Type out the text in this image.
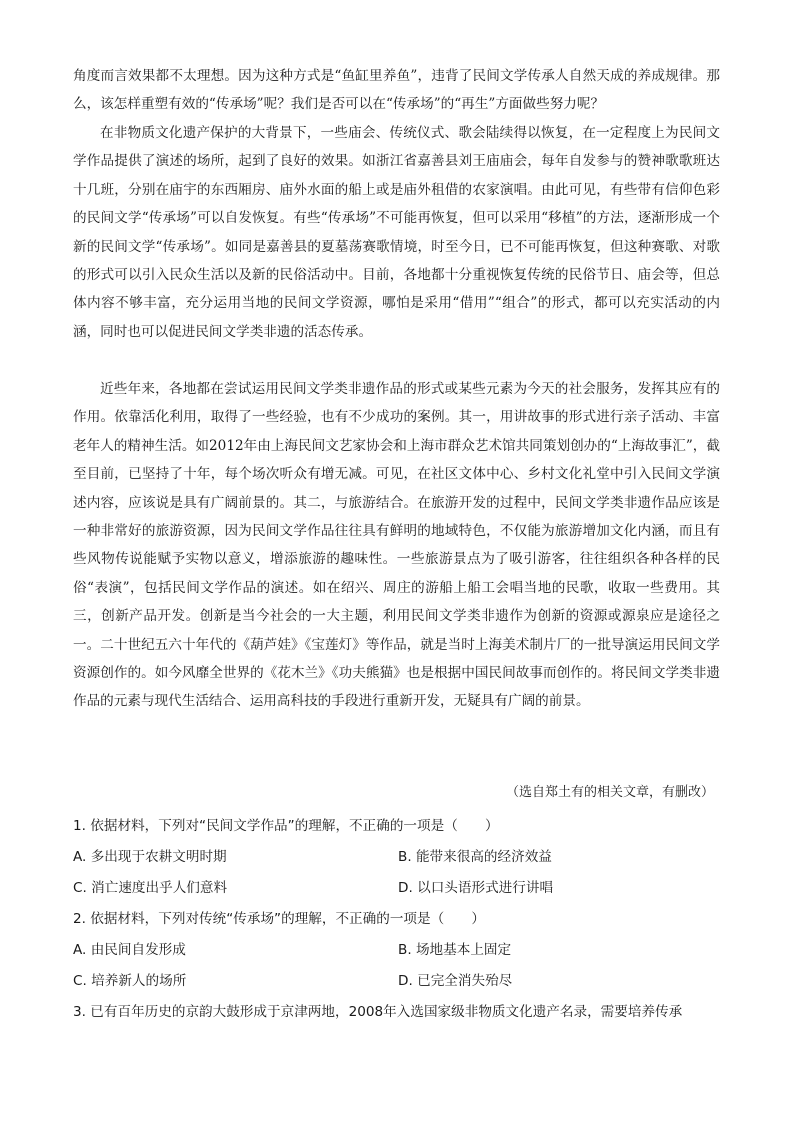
角度而言效果都不太理想。因为这种方式是“鱼缸里养鱼”，违背了民间文学传承人自然天成的养成规律。那么，该怎样重塑有效的“传承场”呢？我们是否可以在“传承场”的“再生”方面做些努力呢？

在非物质文化遗产保护的大背景下，一些庙会、传统仪式、歌会陆续得以恢复，在一定程度上为民间文学作品提供了演述的场所，起到了良好的效果。如浙江省嘉善县刘王庙庙会，每年自发参与的赞神歌歌班达十几班，分别在庙宇的东西厢房、庙外水面的船上或是庙外租借的农家演唱。由此可见，有些带有信仰色彩的民间文学“传承场”可以自发恢复。有些“传承场”不可能再恢复，但可以采用“移植”的方法，逐渐形成一个新的民间文学“传承场”。如同是嘉善县的夏墓荡赛歌情境，时至今日，已不可能再恢复，但这种赛歌、对歌的形式可以引入民众生活以及新的民俗活动中。目前，各地都十分重视恢复传统的民俗节日、庙会等，但总体内容不够丰富，充分运用当地的民间文学资源，哪怕是采用“借用”“组合”的形式，都可以充实活动的内涵，同时也可以促进民间文学类非遗的活态传承。

近些年来，各地都在尝试运用民间文学类非遗作品的形式或某些元素为今天的社会服务，发挥其应有的作用。依靠活化利用，取得了一些经验，也有不少成功的案例。其一，用讲故事的形式进行亲子活动、丰富老年人的精神生活。如2012年由上海民间文艺家协会和上海市群众艺术馆共同策划创办的“上海故事汇”，截至目前，已坚持了十年，每个场次听众有增无减。可见，在社区文体中心、乡村文化礼堂中引入民间文学演述内容，应该说是具有广阔前景的。其二，与旅游结合。在旅游开发的过程中，民间文学类非遗作品应该是一种非常好的旅游资源，因为民间文学作品往往具有鲜明的地域特色，不仅能为旅游增加文化内涵，而且有些风物传说能赋予实物以意义，增添旅游的趣味性。一些旅游景点为了吸引游客，往往组织各种各样的民俗“表演”，包括民间文学作品的演述。如在绍兴、周庄的游船上船工会唱当地的民歌，收取一些费用。其三，创新产品开发。创新是当今社会的一大主题，利用民间文学类非遗作为创新的资源或源泉应是途径之一。二十世纪五六十年代的《葫芦娃》《宝莲灯》等作品，就是当时上海美术制片厂的一批导演运用民间文学资源创作的。如今风靡全世界的《花木兰》《功夫熊猫》也是根据中国民间故事而创作的。将民间文学类非遗作品的元素与现代生活结合、运用高科技的手段进行重新开发，无疑具有广阔的前景。

（选自郑土有的相关文章，有删改）

1. 依据材料，下列对“民间文学作品”的理解，不正确的一项是（　　）

A. 多出现于农耕文明时期	B. 能带来很高的经济效益

C. 消亡速度出乎人们意料	D. 以口头语形式进行讲唱

2. 依据材料，下列对传统“传承场”的理解，不正确的一项是（　　）

A. 由民间自发形成	B. 场地基本上固定

C. 培养新人的场所	D. 已完全消失殆尽

3. 已有百年历史的京韵大鼓形成于京津两地，2008年入选国家级非物质文化遗产名录，需要培养传承
